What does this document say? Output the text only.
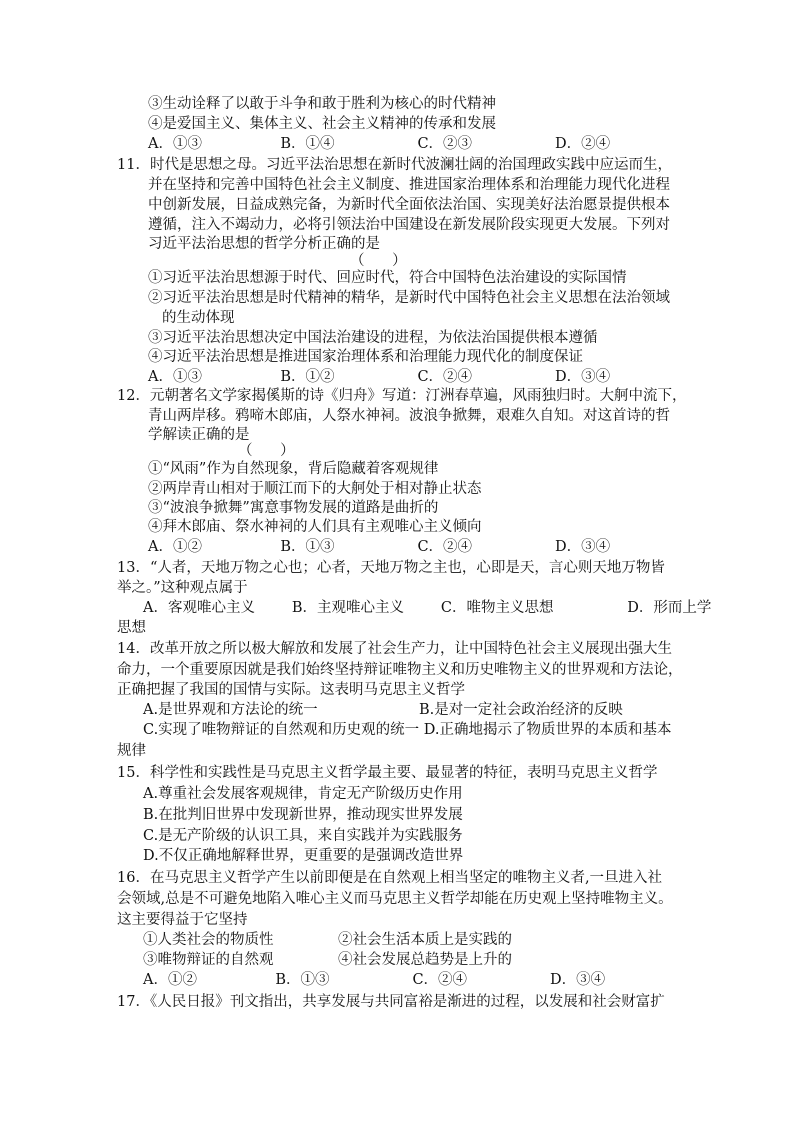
③生动诠释了以敢于斗争和敢于胜利为核心的时代精神
④是爱国主义、集体主义、社会主义精神的传承和发展
A．①③                 B．①④                  C．②③                  D．②④
11．时代是思想之母。习近平法治思想在新时代波澜壮阔的治国理政实践中应运而生，
并在坚持和完善中国特色社会主义制度、推进国家治理体系和治理能力现代化进程
中创新发展，日益成熟完备，为新时代全面依法治国、实现美好法治愿景提供根本
遵循，注入不竭动力，必将引领法治中国建设在新发展阶段实现更大发展。下列对
习近平法治思想的哲学分析正确的是
（      ）
①习近平法治思想源于时代、回应时代，符合中国特色法治建设的实际国情
②习近平法治思想是时代精神的精华，是新时代中国特色社会主义思想在法治领域
的生动体现
③习近平法治思想决定中国法治建设的进程，为依法治国提供根本遵循
④习近平法治思想是推进国家治理体系和治理能力现代化的制度保证
A．①③                 B．①②                  C．②④                  D．③④
12．元朝著名文学家揭傒斯的诗《归舟》写道：汀洲春草遍，风雨独归时。大舸中流下，
青山两岸移。鸦啼木郎庙，人祭水神祠。波浪争掀舞，艰难久自知。对这首诗的哲
学解读正确的是
（      ）
①“风雨”作为自然现象，背后隐藏着客观规律
②两岸青山相对于顺江而下的大舸处于相对静止状态
③“波浪争掀舞”寓意事物发展的道路是曲折的
④拜木郎庙、祭水神祠的人们具有主观唯心主义倾向
A．①②                 B．①③                  C．②④                  D．③④
13．“人者，天地万物之心也；心者，天地万物之主也，心即是天，言心则天地万物皆
举之。”这种观点属于
A．客观唯心主义        B．主观唯心主义        C．唯物主义思想                D．形而上学
思想
14．改革开放之所以极大解放和发展了社会生产力，让中国特色社会主义展现出强大生
命力，一个重要原因就是我们始终坚持辩证唯物主义和历史唯物主义的世界观和方法论，
正确把握了我国的国情与实际。这表明马克思主义哲学
A.是世界观和方法论的统一                      B.是对一定社会政治经济的反映
C.实现了唯物辩证的自然观和历史观的统一 D.正确地揭示了物质世界的本质和基本
规律
15．科学性和实践性是马克思主义哲学最主要、最显著的特征，表明马克思主义哲学
A.尊重社会发展客观规律，肯定无产阶级历史作用
B.在批判旧世界中发现新世界，推动现实世界发展
C.是无产阶级的认识工具，来自实践并为实践服务
D.不仅正确地解释世界，更重要的是强调改造世界
16．在马克思主义哲学产生以前即便是在自然观上相当坚定的唯物主义者,一旦进入社
会领域,总是不可避免地陷入唯心主义而马克思主义哲学却能在历史观上坚持唯物主义。
这主要得益于它坚持
①人类社会的物质性              ②社会生活本质上是实践的
③唯物辩证的自然观              ④社会发展总趋势是上升的
A．①②                 B．①③                  C．②④                  D．③④
17．《人民日报》刊文指出，共享发展与共同富裕是渐进的过程，以发展和社会财富扩
